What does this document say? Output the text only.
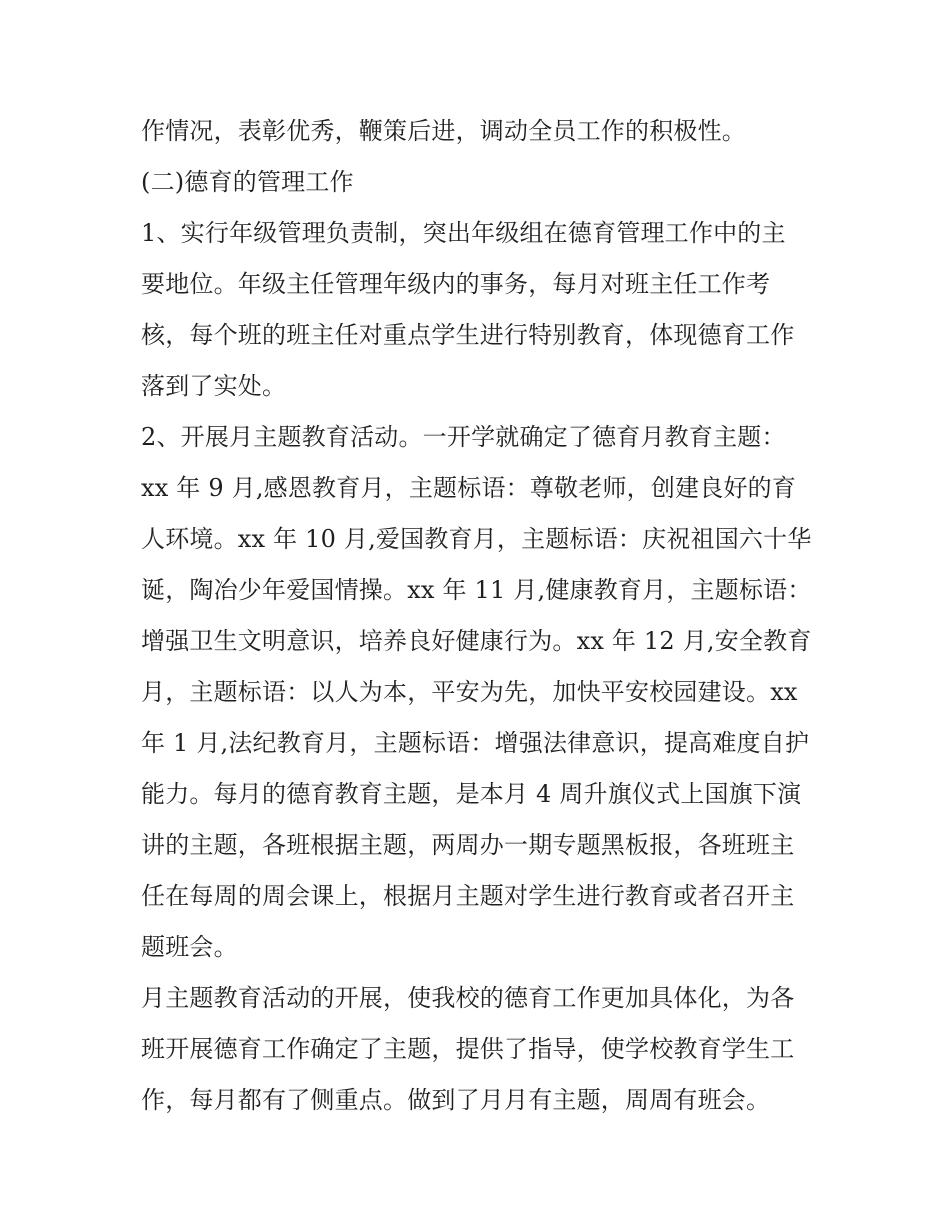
作情况，表彰优秀，鞭策后进，调动全员工作的积极性。
(二)德育的管理工作
1、实行年级管理负责制，突出年级组在德育管理工作中的主
要地位。年级主任管理年级内的事务，每月对班主任工作考
核，每个班的班主任对重点学生进行特别教育，体现德育工作
落到了实处。
2、开展月主题教育活动。一开学就确定了德育月教育主题：
xx 年 9 月,感恩教育月，主题标语：尊敬老师，创建良好的育
人环境。xx 年 10 月,爱国教育月，主题标语：庆祝祖国六十华
诞，陶冶少年爱国情操。xx 年 11 月,健康教育月，主题标语：
增强卫生文明意识，培养良好健康行为。xx 年 12 月,安全教育
月，主题标语：以人为本，平安为先，加快平安校园建设。xx
年 1 月,法纪教育月，主题标语：增强法律意识，提高难度自护
能力。每月的德育教育主题，是本月 4 周升旗仪式上国旗下演
讲的主题，各班根据主题，两周办一期专题黑板报，各班班主
任在每周的周会课上，根据月主题对学生进行教育或者召开主
题班会。
月主题教育活动的开展，使我校的德育工作更加具体化，为各
班开展德育工作确定了主题，提供了指导，使学校教育学生工
作，每月都有了侧重点。做到了月月有主题，周周有班会。
